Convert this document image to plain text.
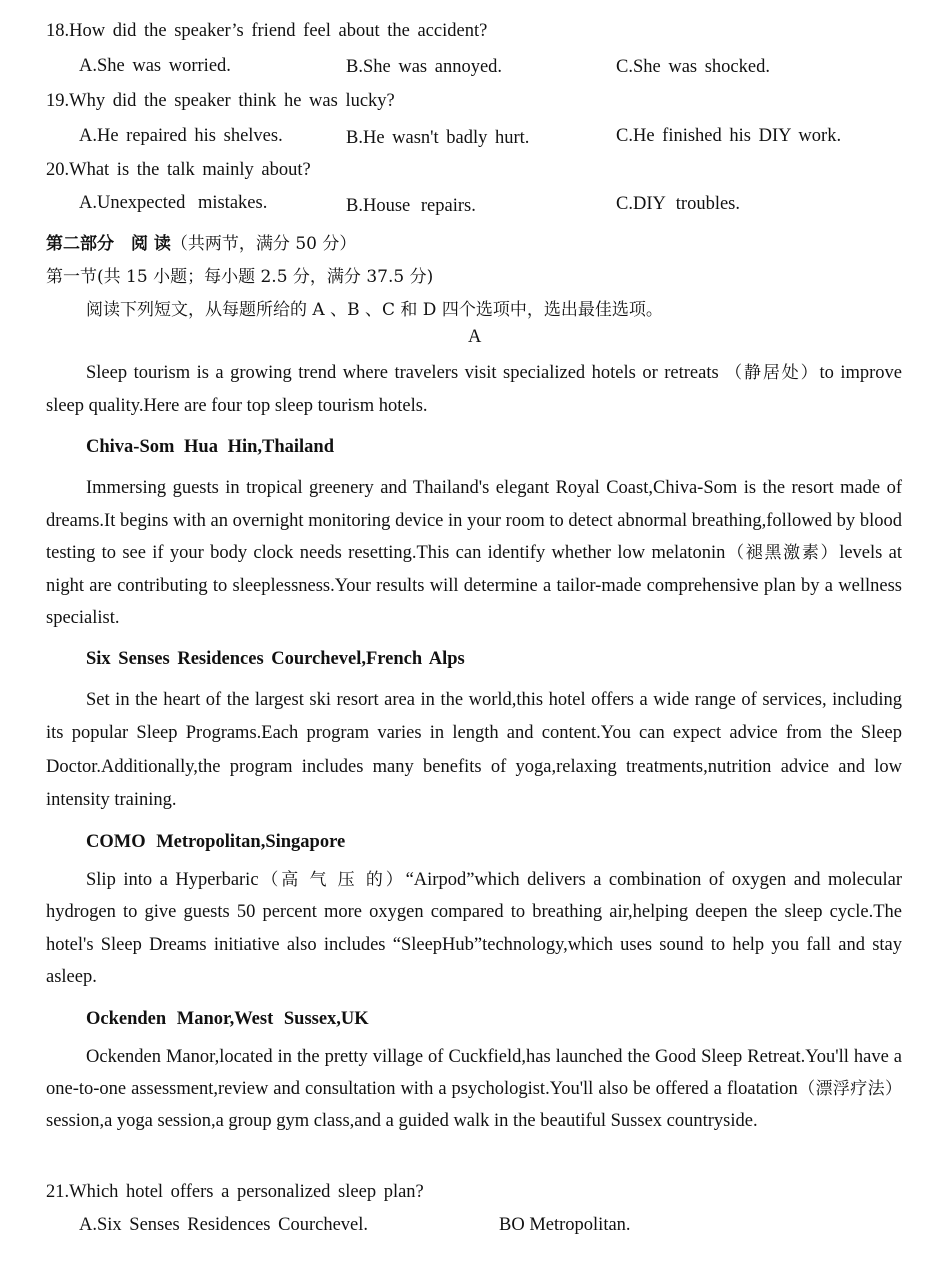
18.How did the speaker’s friend feel about the accident?
A.She was worried.	B.She was annoyed.	C.She was shocked.
19.Why did the speaker think he was lucky?
A.He repaired his shelves.	B.He wasn't badly hurt.	C.He finished his DIY work.
20.What is the talk mainly about?
A.Unexpected mistakes.	B.House repairs.	C.DIY troubles.
第二部分　阅 读（共两节，满分 50 分）
第一节(共 15 小题；每小题 2.5 分，满分 37.5 分)
阅读下列短文，从每题所给的 A 、B 、C 和 D 四个选项中，选出最佳选项。
A
Sleep tourism is a growing trend where travelers visit specialized hotels or retreats （静居处）to improve sleep quality.Here are four top sleep tourism hotels.
Chiva-Som Hua Hin,Thailand
Immersing guests in tropical greenery and Thailand's elegant Royal Coast,Chiva-Som is the resort made of dreams.It begins with an overnight monitoring device in your room to detect abnormal breathing,followed by blood testing to see if your body clock needs resetting.This can identify whether low melatonin（褪黑激素）levels at night are contributing to sleeplessness.Your results will determine a tailor-made comprehensive plan by a wellness specialist.
Six Senses Residences Courchevel,French Alps
Set in the heart of the largest ski resort area in the world,this hotel offers a wide range of services, including its popular Sleep Programs.Each program varies in length and content.You can expect advice from the Sleep Doctor.Additionally,the program includes many benefits of yoga,relaxing treatments,nutrition advice and low intensity training.
COMO Metropolitan,Singapore
Slip into a Hyperbaric（高 气 压 的）“Airpod”which delivers a combination of oxygen and molecular hydrogen to give guests 50 percent more oxygen compared to breathing air,helping deepen the sleep cycle.The hotel's Sleep Dreams initiative also includes “SleepHub”technology,which uses sound to help you fall and stay asleep.
Ockenden Manor,West Sussex,UK
Ockenden Manor,located in the pretty village of Cuckfield,has launched the Good Sleep Retreat.You'll have a one-to-one assessment,review and consultation with a psychologist.You'll also be offered a floatation（漂浮疗法）session,a yoga session,a group gym class,and a guided walk in the beautiful Sussex countryside.
21.Which hotel offers a personalized sleep plan?
A.Six Senses Residences Courchevel.	BO Metropolitan.
